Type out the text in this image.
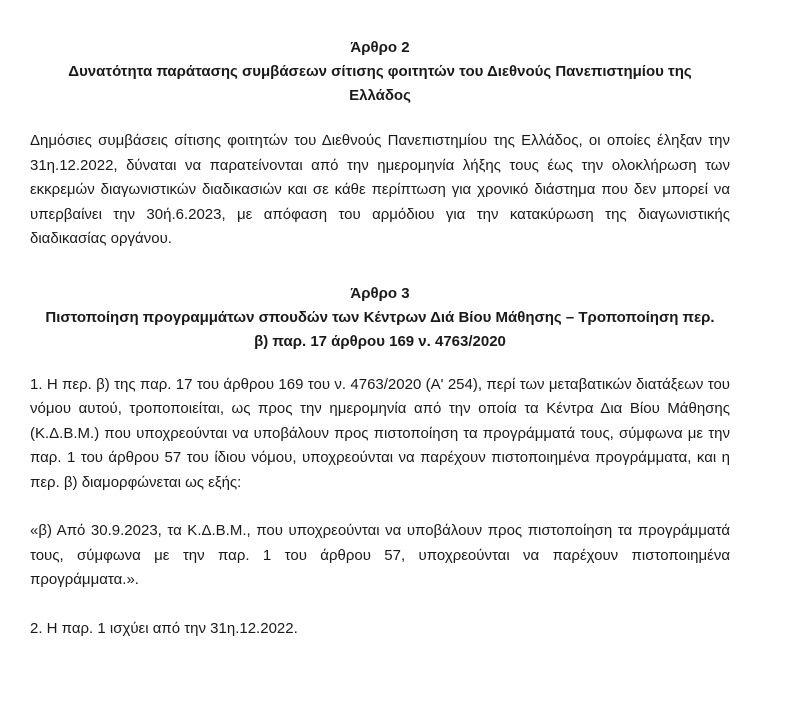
Άρθρο 2

Δυνατότητα παράτασης συμβάσεων σίτισης φοιτητών του Διεθνούς Πανεπιστημίου της Ελλάδος

Δημόσιες συμβάσεις σίτισης φοιτητών του Διεθνούς Πανεπιστημίου της Ελλάδος, οι οποίες έληξαν την 31η.12.2022, δύναται να παρατείνονται από την ημερομηνία λήξης τους έως την ολοκλήρωση των εκκρεμών διαγωνιστικών διαδικασιών και σε κάθε περίπτωση για χρονικό διάστημα που δεν μπορεί να υπερβαίνει την 30ή.6.2023, με απόφαση του αρμόδιου για την κατακύρωση της διαγωνιστικής διαδικασίας οργάνου.

Άρθρο 3

Πιστοποίηση προγραμμάτων σπουδών των Κέντρων Διά Βίου Μάθησης – Τροποποίηση περ. β) παρ. 17 άρθρου 169 ν. 4763/2020

1. Η περ. β) της παρ. 17 του άρθρου 169 του ν. 4763/2020 (Α' 254), περί των μεταβατικών διατάξεων του νόμου αυτού, τροποποιείται, ως προς την ημερομηνία από την οποία τα Κέντρα Δια Βίου Μάθησης (Κ.Δ.Β.Μ.) που υποχρεούνται να υποβάλουν προς πιστοποίηση τα προγράμματά τους, σύμφωνα με την παρ. 1 του άρθρου 57 του ίδιου νόμου, υποχρεούνται να παρέχουν πιστοποιημένα προγράμματα, και η περ. β) διαμορφώνεται ως εξής:

«β) Από 30.9.2023, τα Κ.Δ.Β.Μ., που υποχρεούνται να υποβάλουν προς πιστοποίηση τα προγράμματά τους, σύμφωνα με την παρ. 1 του άρθρου 57, υποχρεούνται να παρέχουν πιστοποιημένα προγράμματα.».

2. Η παρ. 1 ισχύει από την 31η.12.2022.
